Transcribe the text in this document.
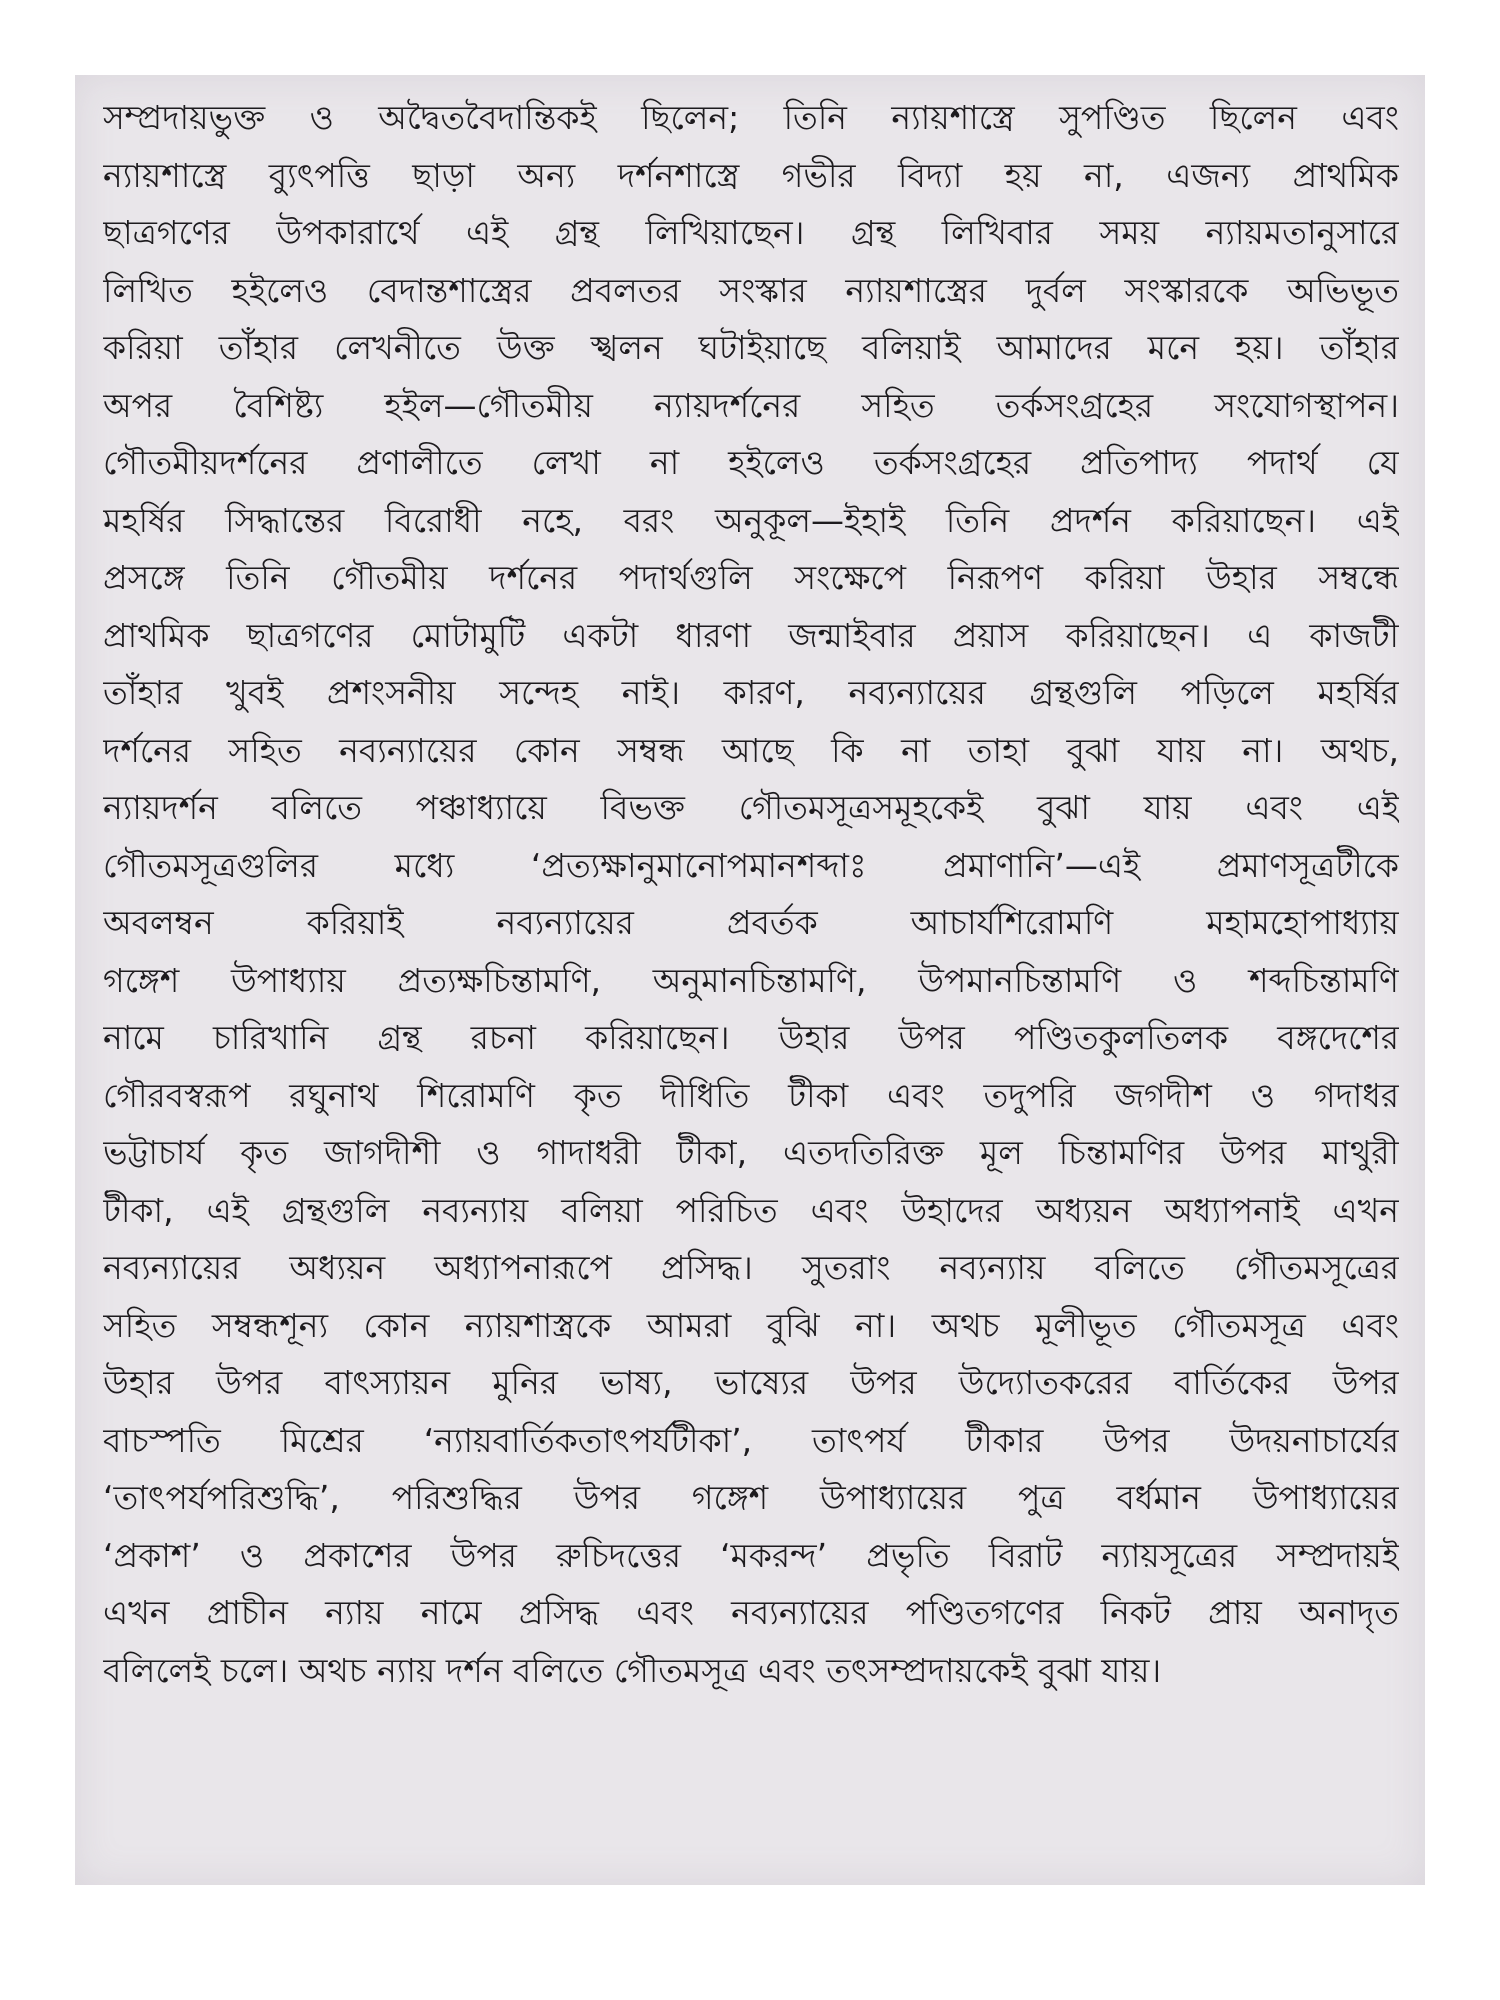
সম্প্রদায়ভুক্ত ও অদ্বৈতবৈদান্তিকই ছিলেন; তিনি ন্যায়শাস্ত্রে সুপণ্ডিত ছিলেন এবং
ন্যায়শাস্ত্রে ব্যুৎপত্তি ছাড়া অন্য দর্শনশাস্ত্রে গভীর বিদ্যা হয় না, এজন্য প্রাথমিক
ছাত্রগণের উপকারার্থে এই গ্রন্থ লিখিয়াছেন। গ্রন্থ লিখিবার সময় ন্যায়মতানুসারে
লিখিত হইলেও বেদান্তশাস্ত্রের প্রবলতর সংস্কার ন্যায়শাস্ত্রের দুর্বল সংস্কারকে অভিভূত
করিয়া তাঁহার লেখনীতে উক্ত স্খলন ঘটাইয়াছে বলিয়াই আমাদের মনে হয়। তাঁহার
অপর বৈশিষ্ট্য হইল—গৌতমীয় ন্যায়দর্শনের সহিত তর্কসংগ্রহের সংযোগস্থাপন।
গৌতমীয়দর্শনের প্রণালীতে লেখা না হইলেও তর্কসংগ্রহের প্রতিপাদ্য পদার্থ যে
মহর্ষির সিদ্ধান্তের বিরোধী নহে, বরং অনুকূল—ইহাই তিনি প্রদর্শন করিয়াছেন। এই
প্রসঙ্গে তিনি গৌতমীয় দর্শনের পদার্থগুলি সংক্ষেপে নিরূপণ করিয়া উহার সম্বন্ধে
প্রাথমিক ছাত্রগণের মোটামুটি একটা ধারণা জন্মাইবার প্রয়াস করিয়াছেন। এ কাজটী
তাঁহার খুবই প্রশংসনীয় সন্দেহ নাই। কারণ, নব্যন্যায়ের গ্রন্থগুলি পড়িলে মহর্ষির
দর্শনের সহিত নব্যন্যায়ের কোন সম্বন্ধ আছে কি না তাহা বুঝা যায় না। অথচ,
ন্যায়দর্শন বলিতে পঞ্চাধ্যায়ে বিভক্ত গৌতমসূত্রসমূহকেই বুঝা যায় এবং এই
গৌতমসূত্রগুলির মধ্যে ‘প্রত্যক্ষানুমানোপমানশব্দাঃ প্রমাণানি’—এই প্রমাণসূত্রটীকে
অবলম্বন করিয়াই নব্যন্যায়ের প্রবর্তক আচার্যশিরোমণি মহামহোপাধ্যায়
গঙ্গেশ উপাধ্যায় প্রত্যক্ষচিন্তামণি, অনুমানচিন্তামণি, উপমানচিন্তামণি ও শব্দচিন্তামণি
নামে চারিখানি গ্রন্থ রচনা করিয়াছেন। উহার উপর পণ্ডিতকুলতিলক বঙ্গদেশের
গৌরবস্বরূপ রঘুনাথ শিরোমণি কৃত দীধিতি টীকা এবং তদুপরি জগদীশ ও গদাধর
ভট্টাচার্য কৃত জাগদীশী ও গাদাধরী টীকা, এতদতিরিক্ত মূল চিন্তামণির উপর মাথুরী
টীকা, এই গ্রন্থগুলি নব্যন্যায় বলিয়া পরিচিত এবং উহাদের অধ্যয়ন অধ্যাপনাই এখন
নব্যন্যায়ের অধ্যয়ন অধ্যাপনারূপে প্রসিদ্ধ। সুতরাং নব্যন্যায় বলিতে গৌতমসূত্রের
সহিত সম্বন্ধশূন্য কোন ন্যায়শাস্ত্রকে আমরা বুঝি না। অথচ মূলীভূত গৌতমসূত্র এবং
উহার উপর বাৎস্যায়ন মুনির ভাষ্য, ভাষ্যের উপর উদ্যোতকরের বার্তিকের উপর
বাচস্পতি মিশ্রের ‘ন্যায়বার্তিকতাৎপর্যটীকা’, তাৎপর্য টীকার উপর উদয়নাচার্যের
‘তাৎপর্যপরিশুদ্ধি’, পরিশুদ্ধির উপর গঙ্গেশ উপাধ্যায়ের পুত্র বর্ধমান উপাধ্যায়ের
‘প্রকাশ’ ও প্রকাশের উপর রুচিদত্তের ‘মকরন্দ’ প্রভৃতি বিরাট ন্যায়সূত্রের সম্প্রদায়ই
এখন প্রাচীন ন্যায় নামে প্রসিদ্ধ এবং নব্যন্যায়ের পণ্ডিতগণের নিকট প্রায় অনাদৃত
বলিলেই চলে। অথচ ন্যায় দর্শন বলিতে গৌতমসূত্র এবং তৎসম্প্রদায়কেই বুঝা যায়।
